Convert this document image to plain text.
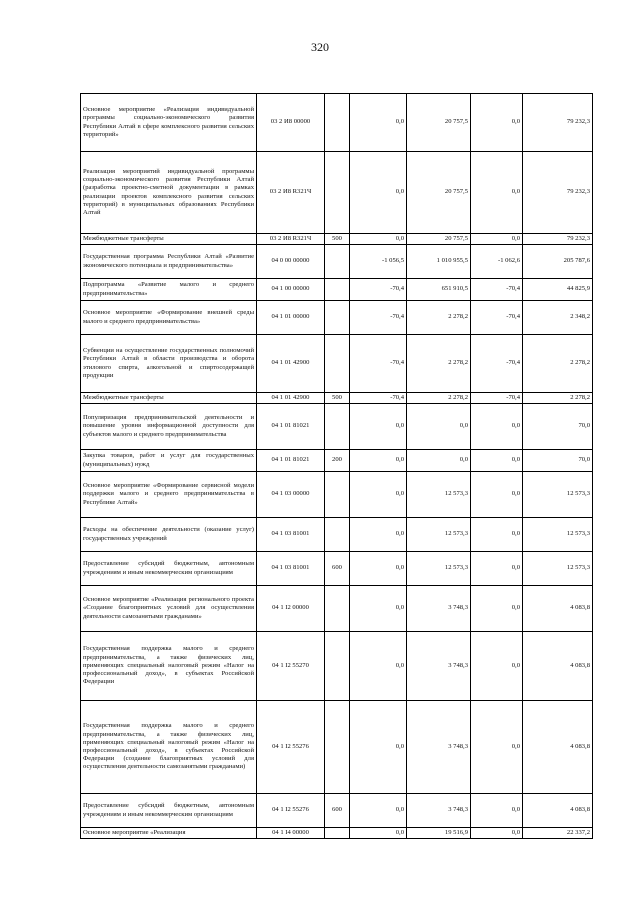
320
Основное мероприятие «Реализация индивидуальной программы социально-экономического развития Республики Алтай в сфере комплексного развития сельских территорий»	03 2 И8 00000		0,0	20 757,5	0,0	79 232,3
Реализация мероприятий индивидуальной программы социально-экономического развития Республики Алтай (разработка проектно-сметной документации в рамках реализации проектов комплексного развития сельских территорий) в муниципальных образованиях Республики Алтай	03 2 И8 R321Ч		0,0	20 757,5	0,0	79 232,3
Межбюджетные трансферты	03 2 И8 R321Ч	500	0,0	20 757,5	0,0	79 232,3
Государственная программа Республики Алтай «Развитие экономического потенциала и предпринимательства»	04 0 00 00000		-1 056,5	1 010 955,5	-1 062,6	205 787,6
Подпрограмма «Развитие малого и среднего предпринимательства»	04 1 00 00000		-70,4	651 910,5	-70,4	44 825,9
Основное мероприятие «Формирование внешней среды малого и среднего предпринимательства»	04 1 01 00000		-70,4	2 278,2	-70,4	2 348,2
Субвенции на осуществление государственных полномочий Республики Алтай в области производства и оборота этилового спирта, алкогольной и спиртосодержащей продукции	04 1 01 42900		-70,4	2 278,2	-70,4	2 278,2
Межбюджетные трансферты	04 1 01 42900	500	-70,4	2 278,2	-70,4	2 278,2
Популяризация предпринимательской деятельности и повышение уровня информационной доступности для субъектов малого и среднего предпринимательства	04 1 01 81021		0,0	0,0	0,0	70,0
Закупка товаров, работ и услуг для государственных (муниципальных) нужд	04 1 01 81021	200	0,0	0,0	0,0	70,0
Основное мероприятие «Формирование сервисной модели поддержки малого и среднего предпринимательства в Республике Алтай»	04 1 03 00000		0,0	12 573,3	0,0	12 573,3
Расходы на обеспечение деятельности (оказание услуг) государственных учреждений	04 1 03 81001		0,0	12 573,3	0,0	12 573,3
Предоставление субсидий бюджетным, автономным учреждениям и иным некоммерческим организациям	04 1 03 81001	600	0,0	12 573,3	0,0	12 573,3
Основное мероприятие «Реализация регионального проекта «Создание благоприятных условий для осуществления деятельности самозанятыми гражданами»	04 1 I2 00000		0,0	3 748,3	0,0	4 083,8
Государственная поддержка малого и среднего предпринимательства, а также физических лиц, применяющих специальный налоговый режим «Налог на профессиональный доход», в субъектах Российской Федерации	04 1 I2 55270		0,0	3 748,3	0,0	4 083,8
Государственная поддержка малого и среднего предпринимательства, а также физических лиц, применяющих специальный налоговый режим «Налог на профессиональный доход», в субъектах Российской Федерации (создание благоприятных условий для осуществления деятельности самозанятыми гражданами)	04 1 I2 55276		0,0	3 748,3	0,0	4 083,8
Предоставление субсидий бюджетным, автономным учреждениям и иным некоммерческим организациям	04 1 I2 55276	600	0,0	3 748,3	0,0	4 083,8
Основное мероприятие «Реализация	04 1 I4 00000		0,0	19 516,9	0,0	22 337,2
